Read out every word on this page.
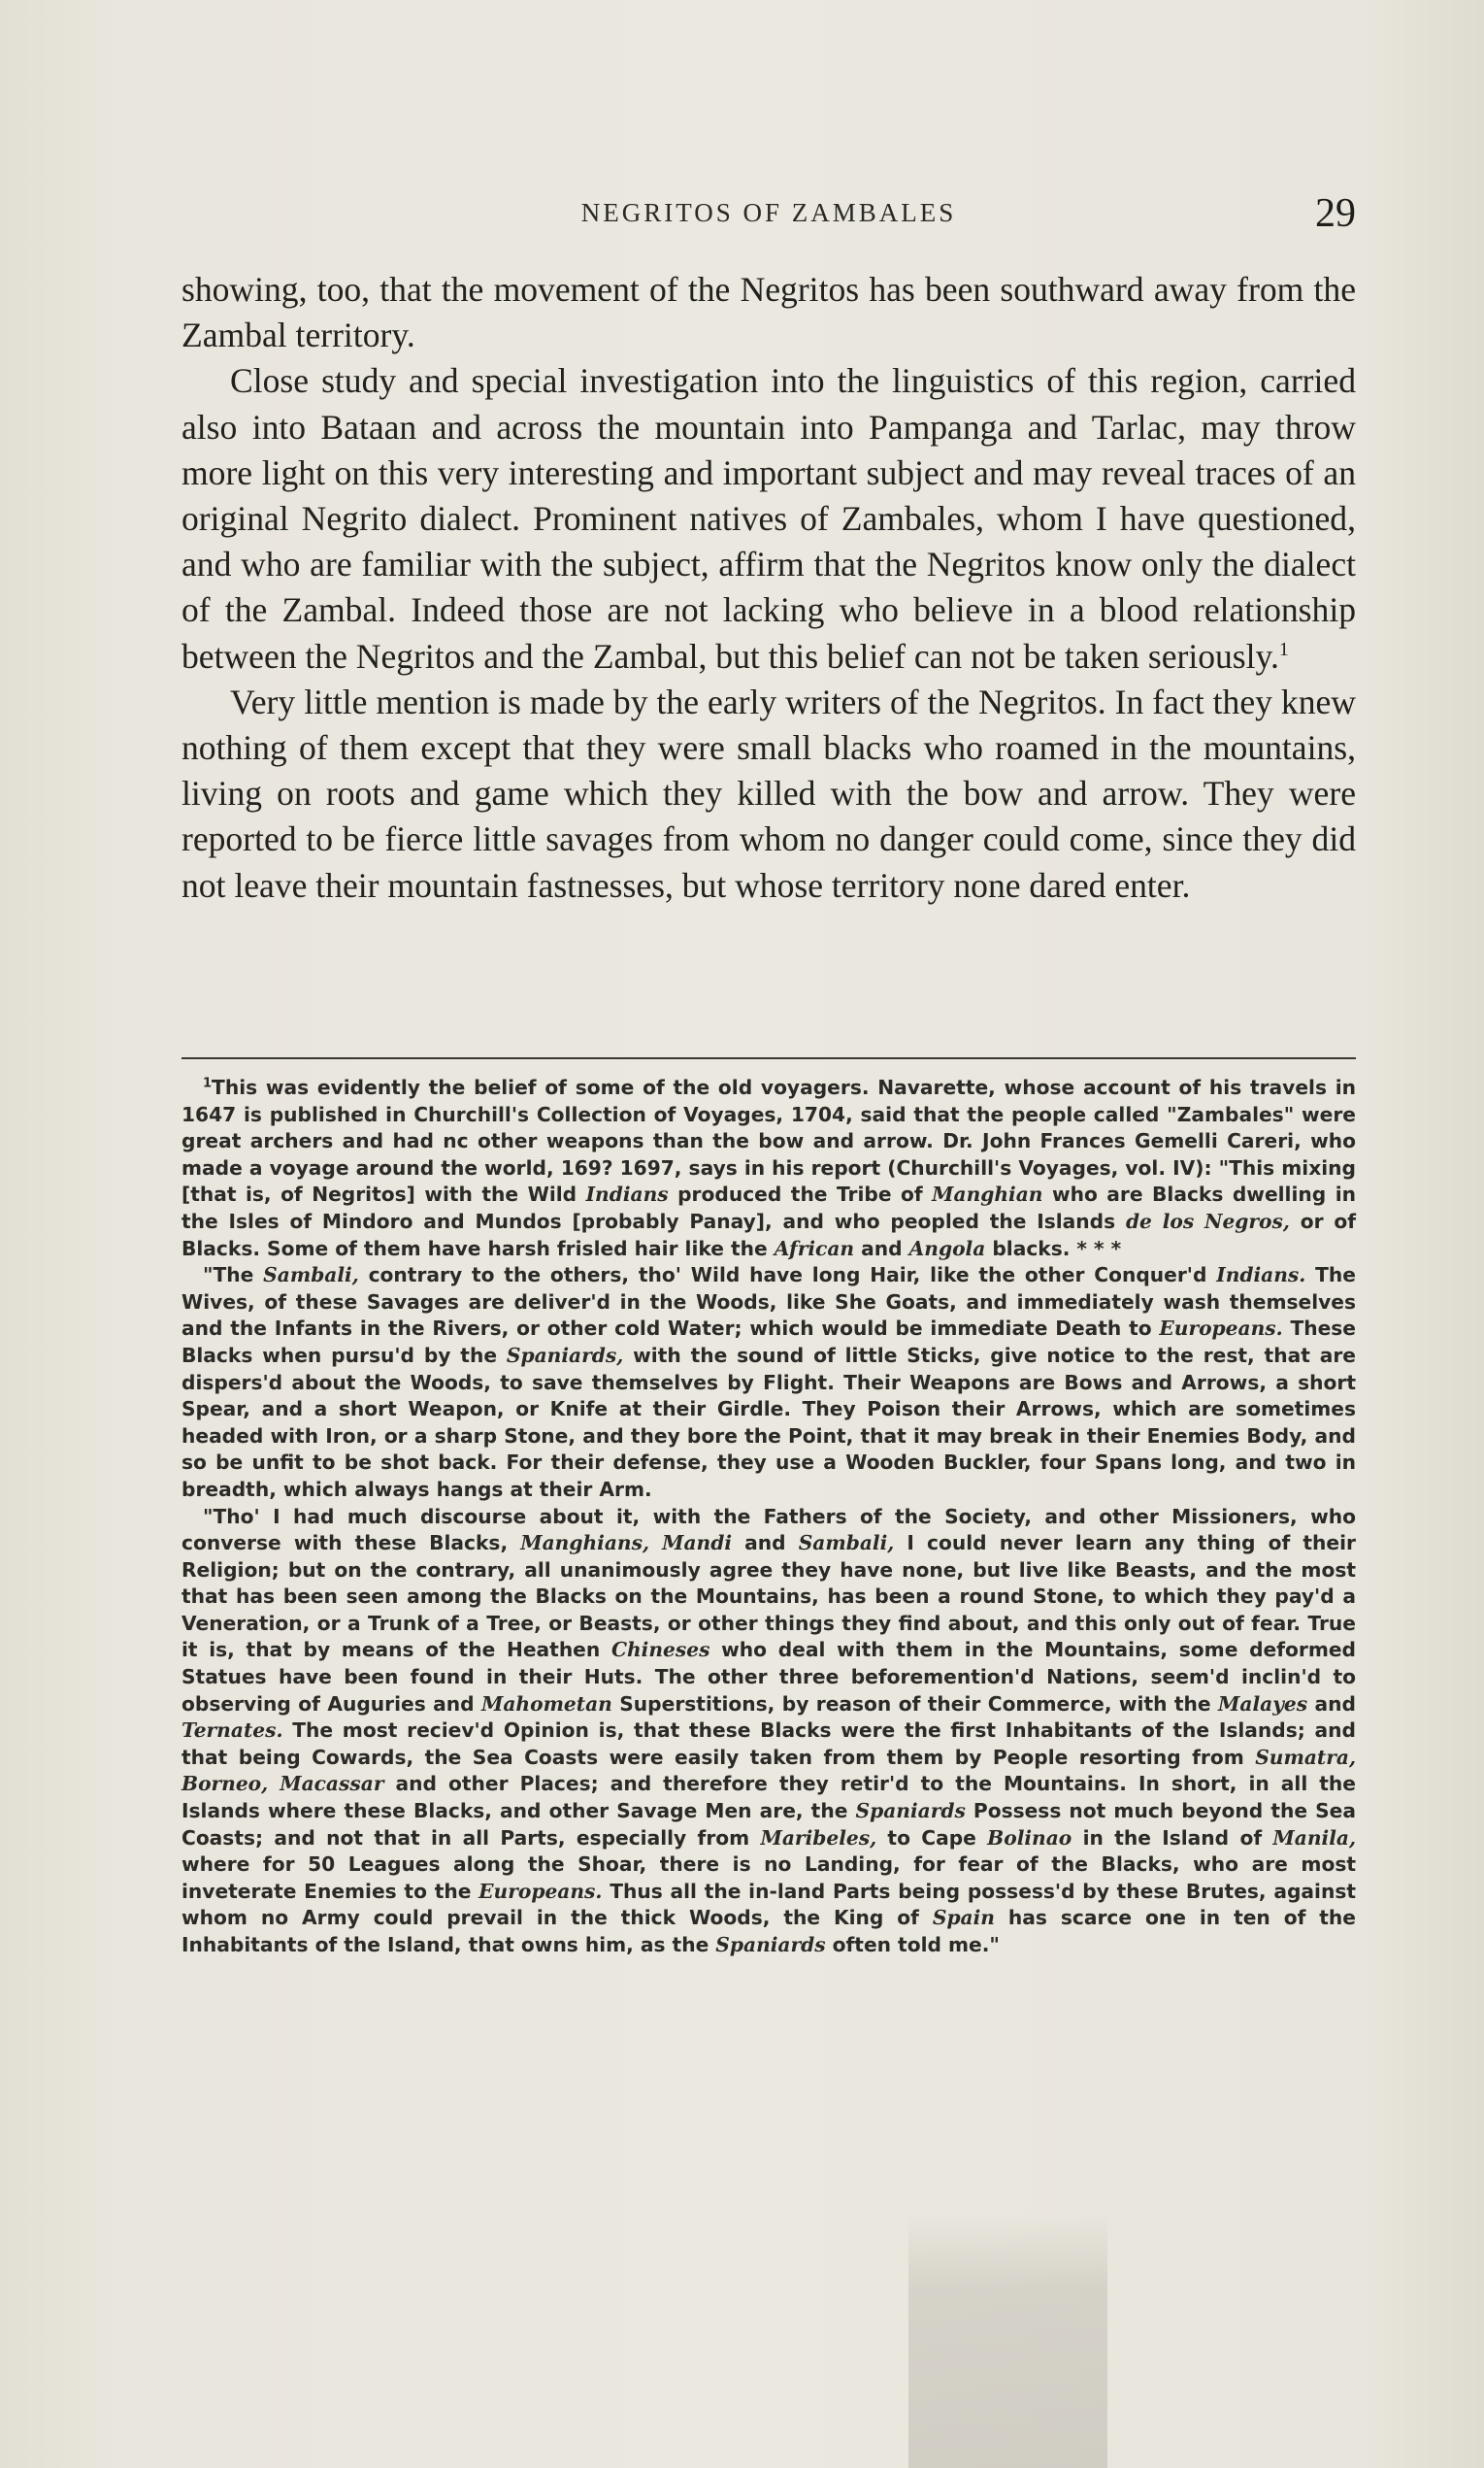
NEGRITOS OF ZAMBALES	29

showing, too, that the movement of the Negritos has been southward away from the Zambal territory.

Close study and special investigation into the linguistics of this region, carried also into Bataan and across the mountain into Pampanga and Tarlac, may throw more light on this very interesting and important subject and may reveal traces of an original Negrito dialect. Prominent natives of Zambales, whom I have questioned, and who are familiar with the subject, affirm that the Negritos know only the dialect of the Zambal. Indeed those are not lacking who believe in a blood relationship between the Negritos and the Zambal, but this belief can not be taken seriously.$^1$

Very little mention is made by the early writers of the Negritos. In fact they knew nothing of them except that they were small blacks who roamed in the mountains, living on roots and game which they killed with the bow and arrow. They were reported to be fierce little savages from whom no danger could come, since they did not leave their mountain fastnesses, but whose territory none dared enter.

$^1$This was evidently the belief of some of the old voyagers. Navarette, whose account of his travels in 1647 is published in Churchill's Collection of Voyages, 1704, said that the people called "Zambales" were great archers and had nc other weapons than the bow and arrow. Dr. John Frances Gemelli Careri, who made a voyage around the world, 169? 1697, says in his report (Churchill's Voyages, vol. IV): "This mixing [that is, of Negritos] with the Wild Indians produced the Tribe of Manghian who are Blacks dwelling in the Isles of Mindoro and Mundos [probably Panay], and who peopled the Islands de los Negros, or of Blacks. Some of them have harsh frisled hair like the African and Angola blacks. * * *

"The Sambali, contrary to the others, tho' Wild have long Hair, like the other Conquer'd Indians. The Wives, of these Savages are deliver'd in the Woods, like She Goats, and immediately wash themselves and the Infants in the Rivers, or other cold Water; which would be immediate Death to Europeans. These Blacks when pursu'd by the Spaniards, with the sound of little Sticks, give notice to the rest, that are dispers'd about the Woods, to save themselves by Flight. Their Weapons are Bows and Arrows, a short Spear, and a short Weapon, or Knife at their Girdle. They Poison their Arrows, which are sometimes headed with Iron, or a sharp Stone, and they bore the Point, that it may break in their Enemies Body, and so be unfit to be shot back. For their defense, they use a Wooden Buckler, four Spans long, and two in breadth, which always hangs at their Arm.

"Tho' I had much discourse about it, with the Fathers of the Society, and other Missioners, who converse with these Blacks, Manghians, Mandi and Sambali, I could never learn any thing of their Religion; but on the contrary, all unanimously agree they have none, but live like Beasts, and the most that has been seen among the Blacks on the Mountains, has been a round Stone, to which they pay'd a Veneration, or a Trunk of a Tree, or Beasts, or other things they find about, and this only out of fear. True it is, that by means of the Heathen Chineses who deal with them in the Mountains, some deformed Statues have been found in their Huts. The other three beforemention'd Nations, seem'd inclin'd to observing of Auguries and Mahometan Superstitions, by reason of their Commerce, with the Malayes and Ternates. The most reciev'd Opinion is, that these Blacks were the first Inhabitants of the Islands; and that being Cowards, the Sea Coasts were easily taken from them by People resorting from Sumatra, Borneo, Macassar and other Places; and therefore they retir'd to the Mountains. In short, in all the Islands where these Blacks, and other Savage Men are, the Spaniards Possess not much beyond the Sea Coasts; and not that in all Parts, especially from Maribeles, to Cape Bolinao in the Island of Manila, where for 50 Leagues along the Shoar, there is no Landing, for fear of the Blacks, who are most inveterate Enemies to the Europeans. Thus all the in-land Parts being possess'd by these Brutes, against whom no Army could prevail in the thick Woods, the King of Spain has scarce one in ten of the Inhabitants of the Island, that owns him, as the Spaniards often told me."
